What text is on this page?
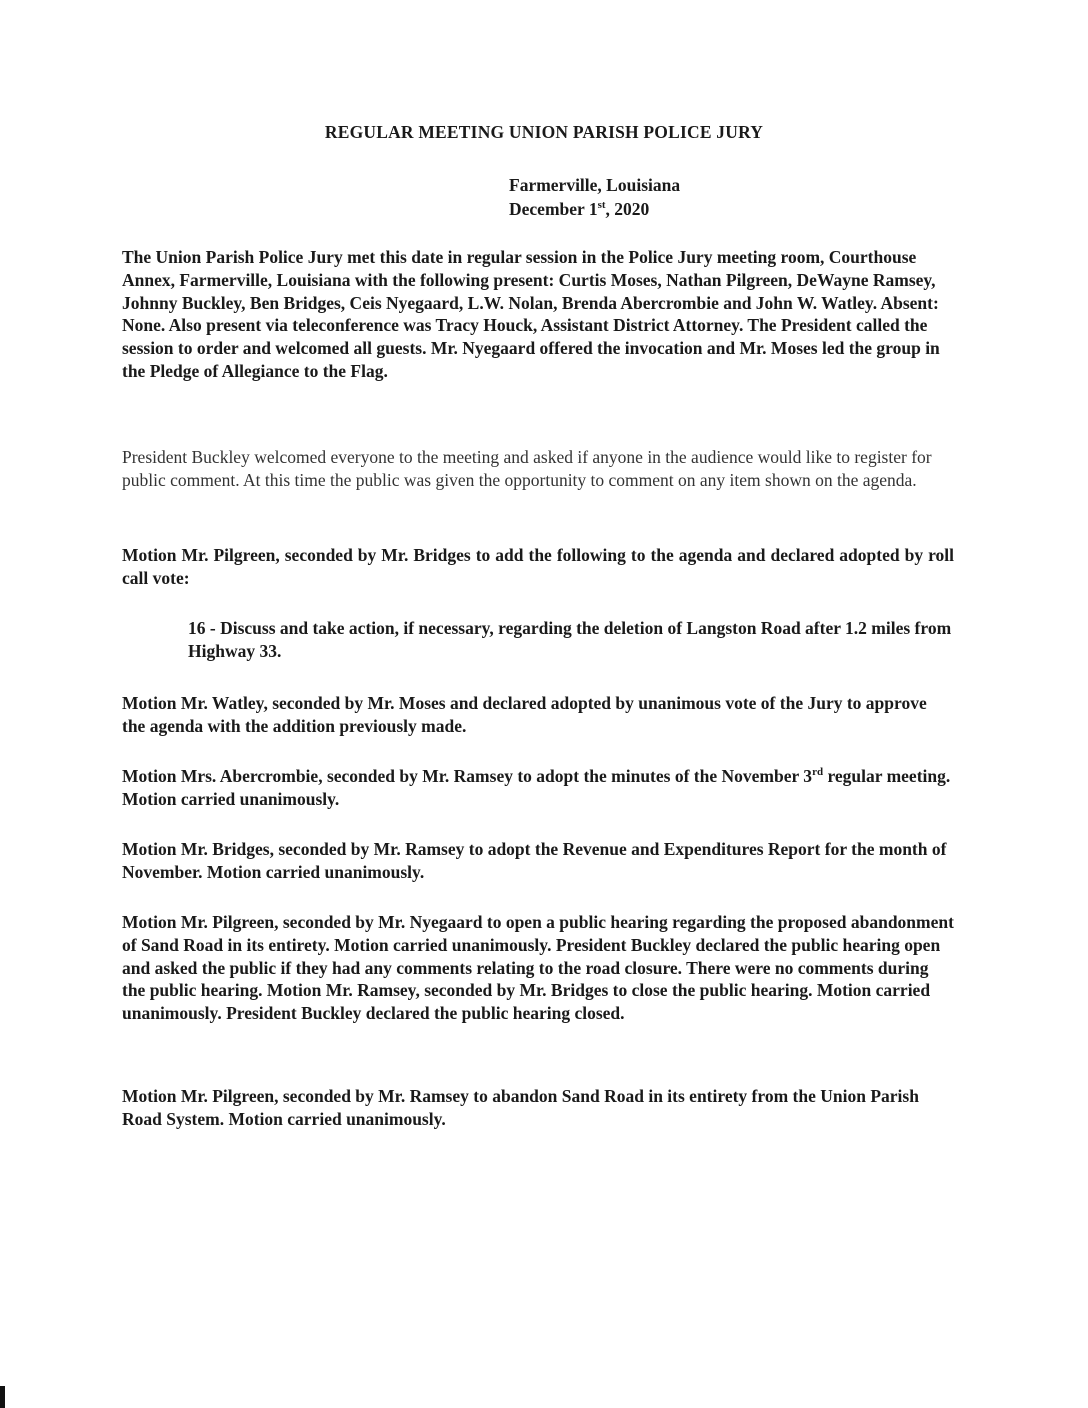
REGULAR MEETING UNION PARISH POLICE JURY
Farmerville, Louisiana
December 1st, 2020
The Union Parish Police Jury met this date in regular session in the Police Jury meeting room, Courthouse Annex, Farmerville, Louisiana with the following present: Curtis Moses, Nathan Pilgreen, DeWayne Ramsey, Johnny Buckley, Ben Bridges, Ceis Nyegaard, L.W. Nolan, Brenda Abercrombie and John W. Watley. Absent: None. Also present via teleconference was Tracy Houck, Assistant District Attorney. The President called the session to order and welcomed all guests. Mr. Nyegaard offered the invocation and Mr. Moses led the group in the Pledge of Allegiance to the Flag.
President Buckley welcomed everyone to the meeting and asked if anyone in the audience would like to register for public comment. At this time the public was given the opportunity to comment on any item shown on the agenda.
Motion Mr. Pilgreen, seconded by Mr. Bridges to add the following to the agenda and declared adopted by roll call vote:
16 - Discuss and take action, if necessary, regarding the deletion of Langston Road after 1.2 miles from Highway 33.
Motion Mr. Watley, seconded by Mr. Moses and declared adopted by unanimous vote of the Jury to approve the agenda with the addition previously made.
Motion Mrs. Abercrombie, seconded by Mr. Ramsey to adopt the minutes of the November 3rd regular meeting. Motion carried unanimously.
Motion Mr. Bridges, seconded by Mr. Ramsey to adopt the Revenue and Expenditures Report for the month of November. Motion carried unanimously.
Motion Mr. Pilgreen, seconded by Mr. Nyegaard to open a public hearing regarding the proposed abandonment of Sand Road in its entirety. Motion carried unanimously. President Buckley declared the public hearing open and asked the public if they had any comments relating to the road closure. There were no comments during the public hearing. Motion Mr. Ramsey, seconded by Mr. Bridges to close the public hearing. Motion carried unanimously. President Buckley declared the public hearing closed.
Motion Mr. Pilgreen, seconded by Mr. Ramsey to abandon Sand Road in its entirety from the Union Parish Road System. Motion carried unanimously.
